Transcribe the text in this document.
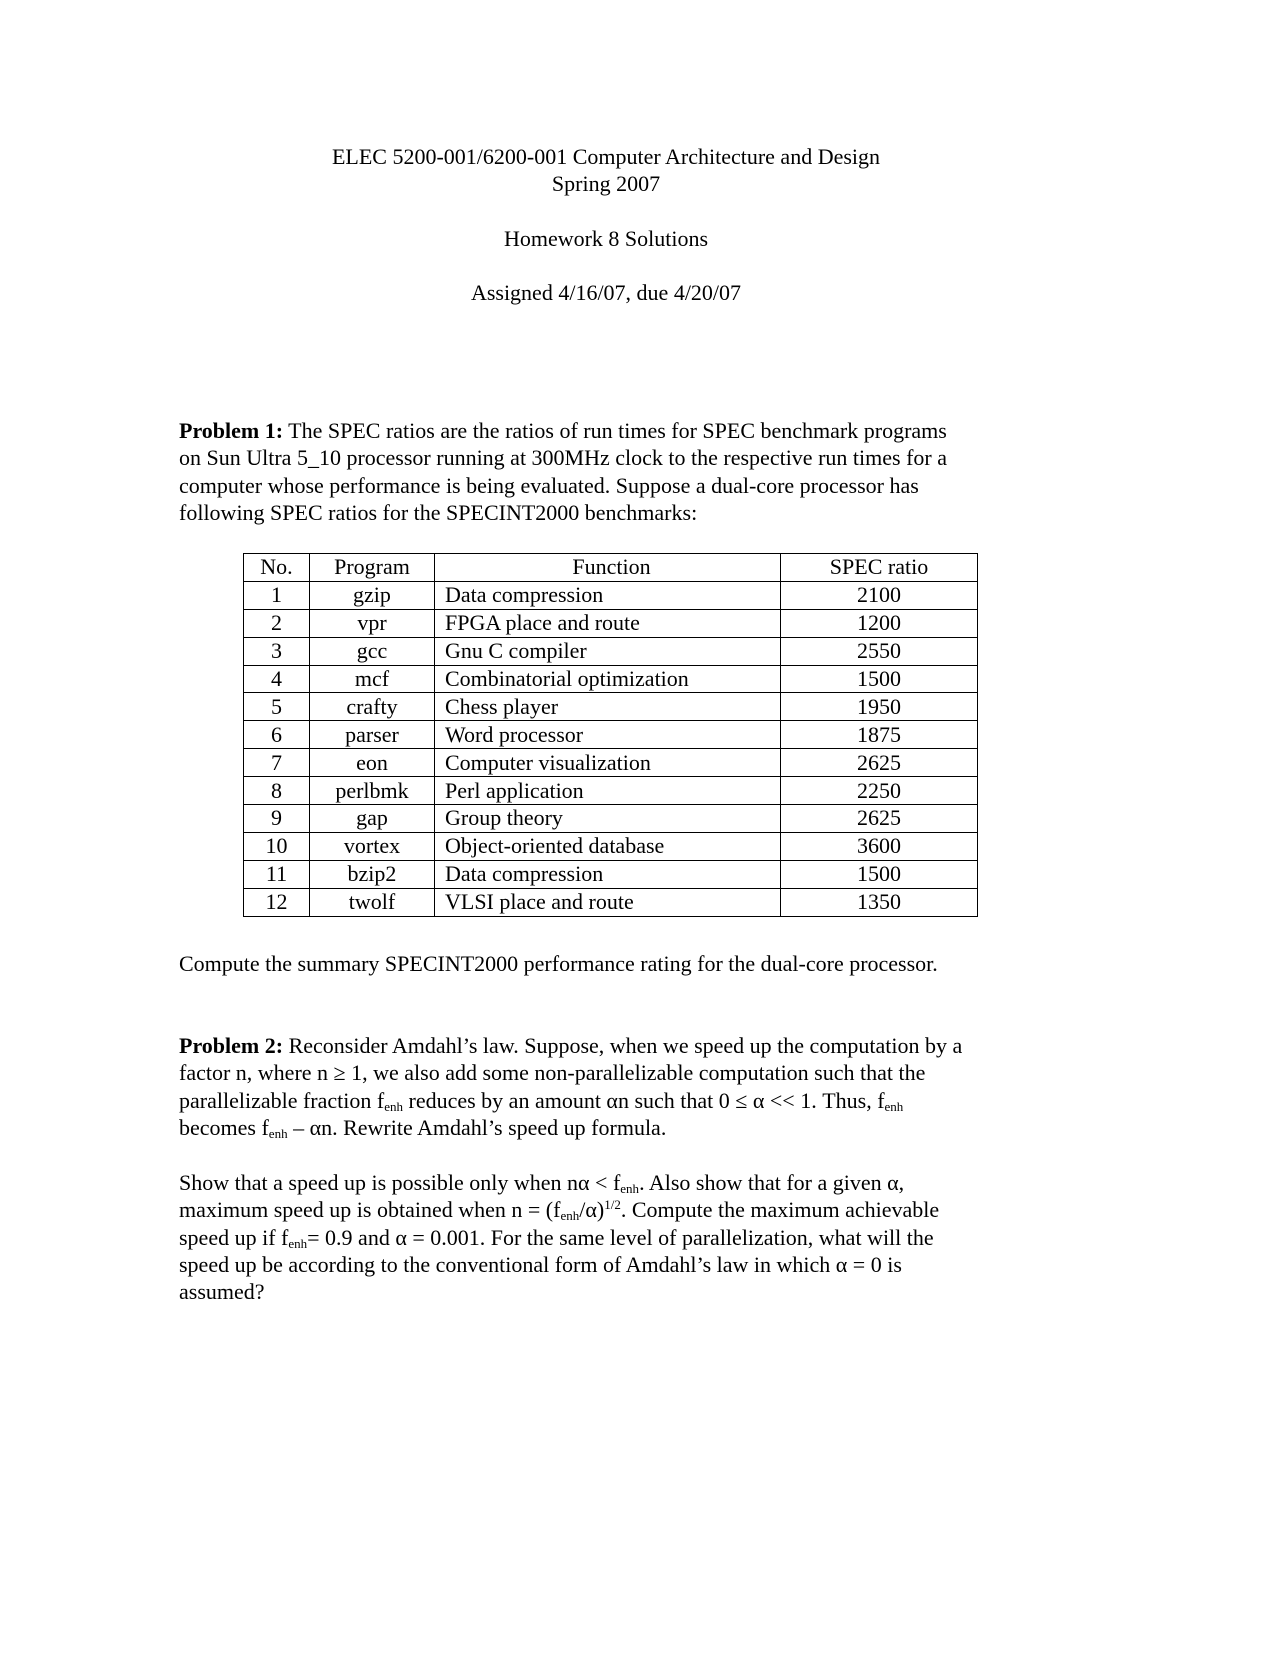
ELEC 5200-001/6200-001 Computer Architecture and Design
Spring 2007
Homework 8 Solutions
Assigned 4/16/07, due 4/20/07
Problem 1: The SPEC ratios are the ratios of run times for SPEC benchmark programs
on Sun Ultra 5_10 processor running at 300MHz clock to the respective run times for a
computer whose performance is being evaluated. Suppose a dual-core processor has
following SPEC ratios for the SPECINT2000 benchmarks:
No.	Program	Function	SPEC ratio
1	gzip	Data compression	2100
2	vpr	FPGA place and route	1200
3	gcc	Gnu C compiler	2550
4	mcf	Combinatorial optimization	1500
5	crafty	Chess player	1950
6	parser	Word processor	1875
7	eon	Computer visualization	2625
8	perlbmk	Perl application	2250
9	gap	Group theory	2625
10	vortex	Object-oriented database	3600
11	bzip2	Data compression	1500
12	twolf	VLSI place and route	1350
Compute the summary SPECINT2000 performance rating for the dual-core processor.
Problem 2: Reconsider Amdahl’s law. Suppose, when we speed up the computation by a
factor n, where n ≥ 1, we also add some non-parallelizable computation such that the
parallelizable fraction $f_{enh}$ reduces by an amount αn such that 0 ≤ α << 1. Thus, $f_{enh}$
becomes $f_{enh}$ – αn. Rewrite Amdahl’s speed up formula.
Show that a speed up is possible only when $n\alpha < f_{enh}$. Also show that for a given α,
maximum speed up is obtained when $n = (f_{enh}/\alpha)^{1/2}$. Compute the maximum achievable
speed up if $f_{enh}= 0.9$ and α = 0.001. For the same level of parallelization, what will the
speed up be according to the conventional form of Amdahl’s law in which α = 0 is
assumed?
